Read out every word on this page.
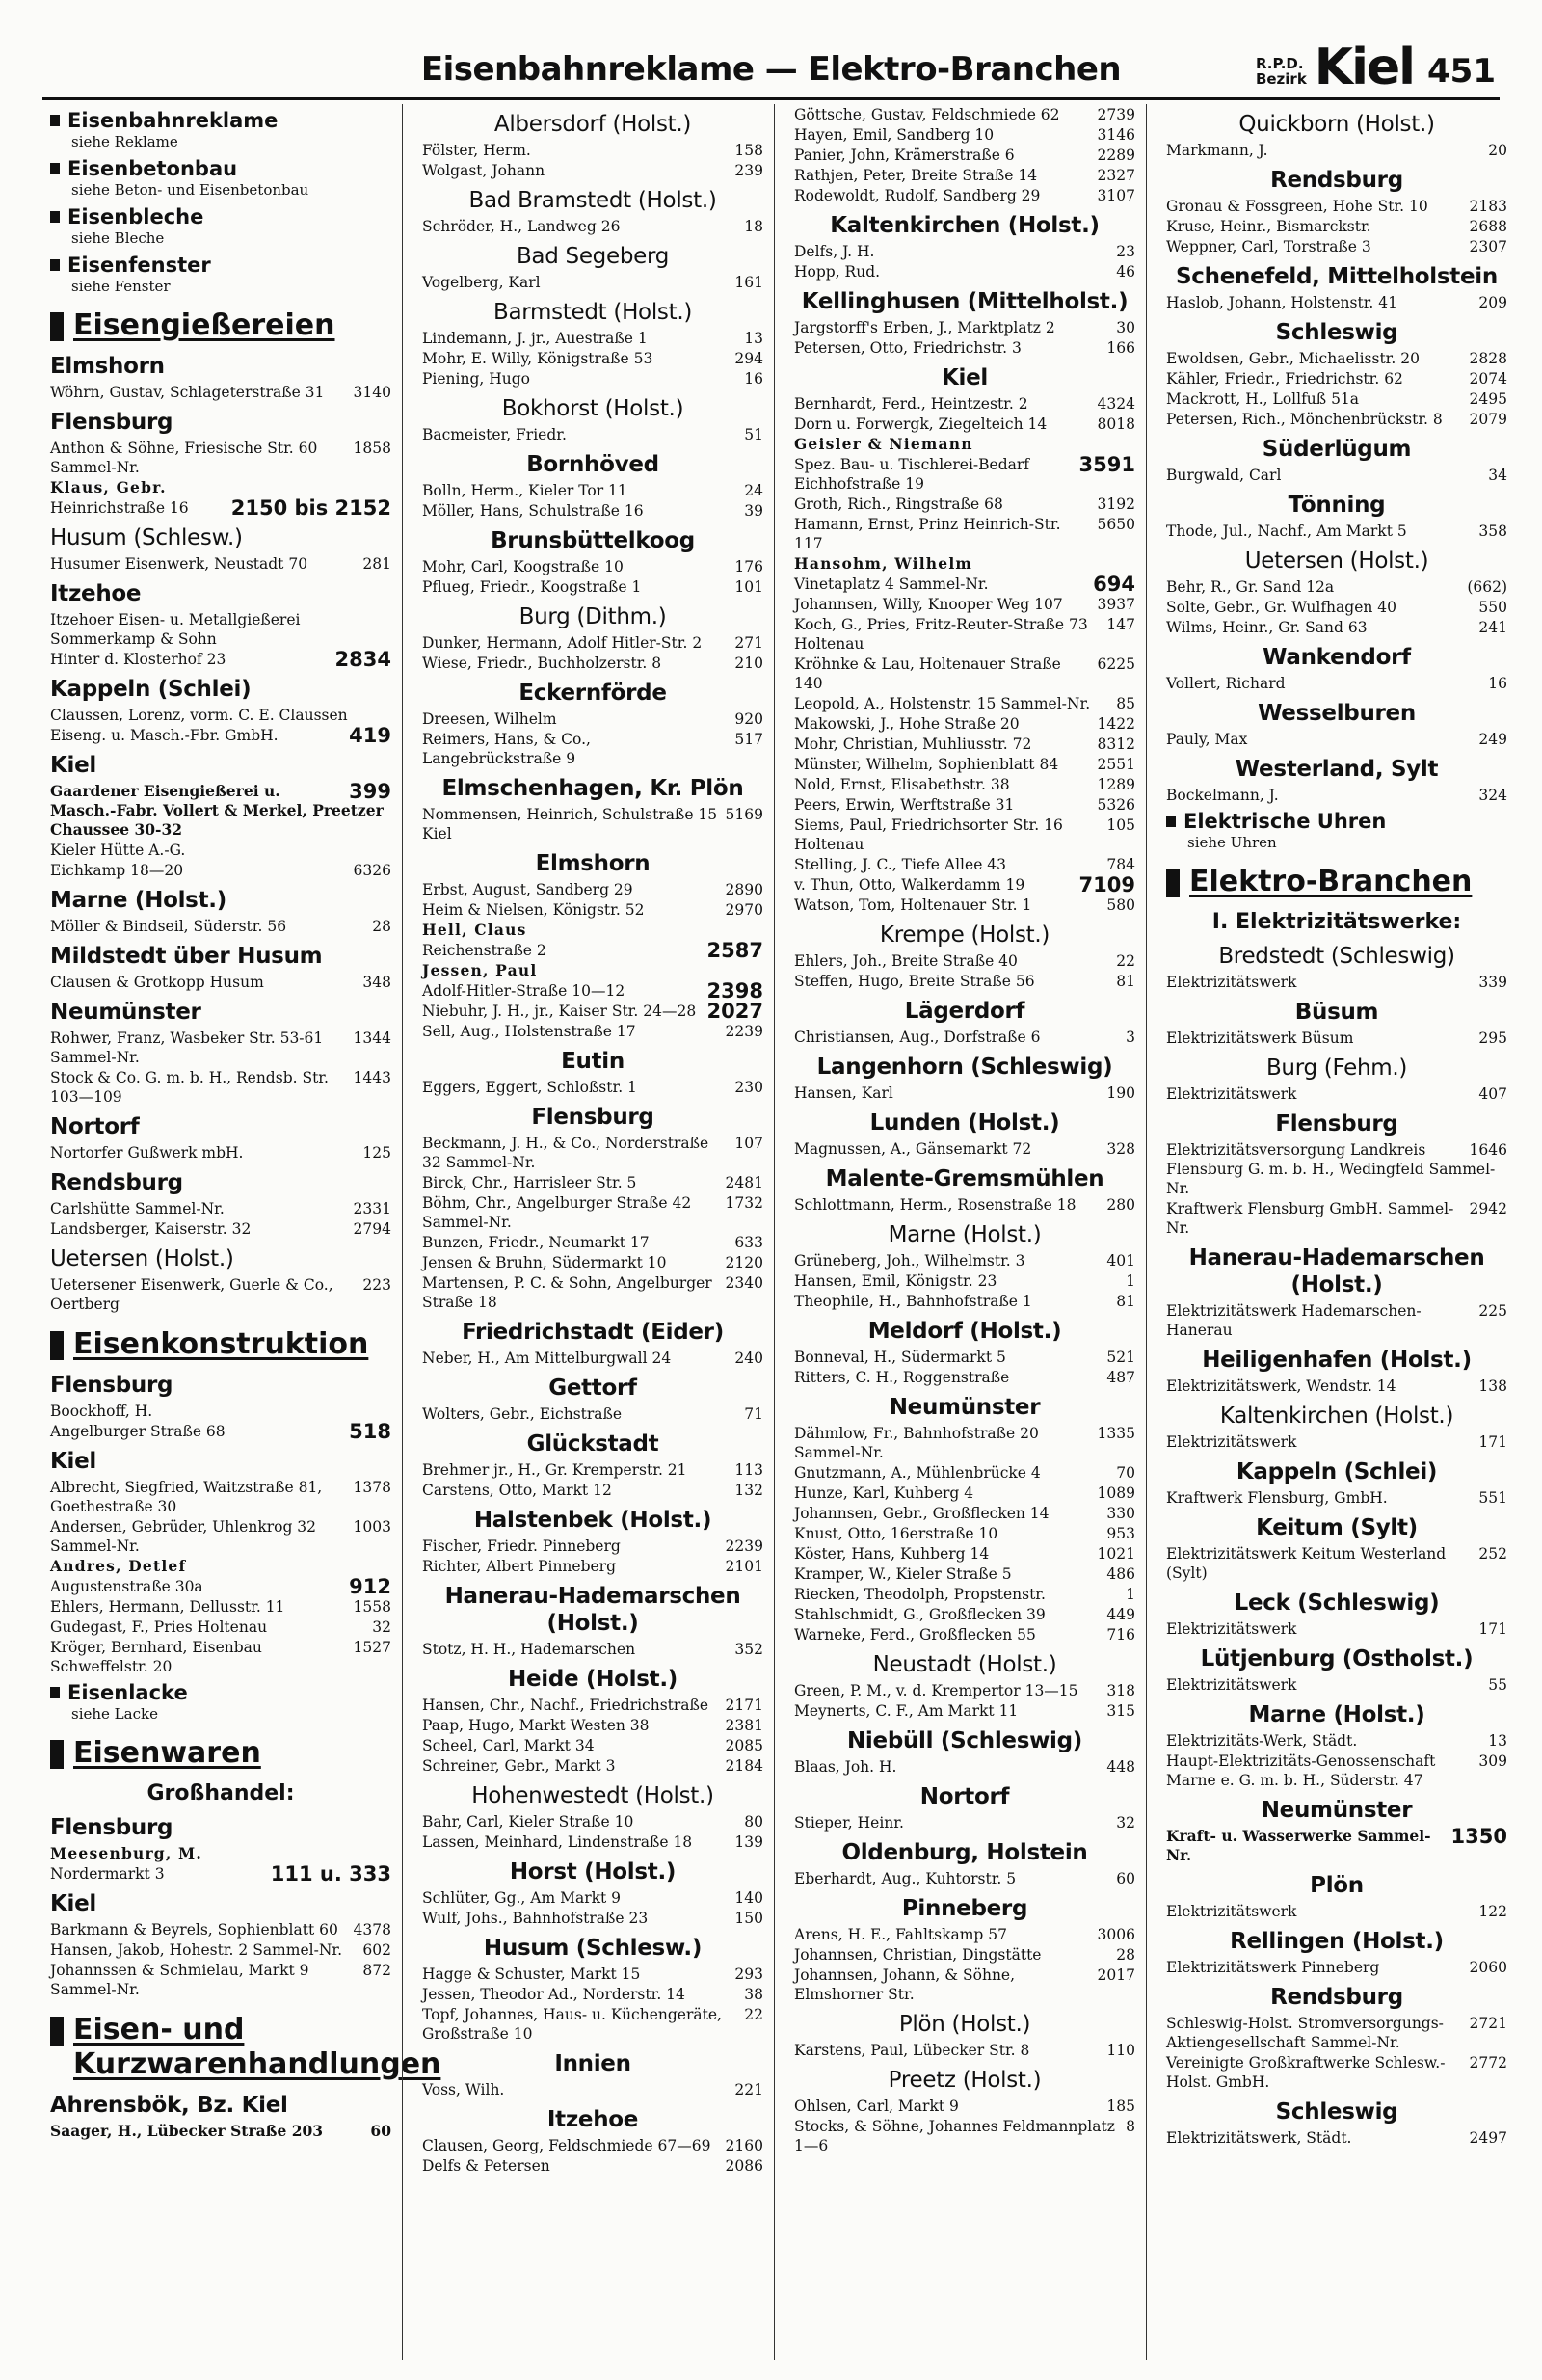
Eisenbahnreklame — Elektro-Branchen	R.P.D.
Bezirk Kiel 451
Eisenbahnreklame
siehe Reklame
Eisenbetonbau
siehe Beton- und Eisenbetonbau
Eisenbleche
siehe Bleche
Eisenfenster
siehe Fenster
Eisengießereien
Elmshorn
3140
Wöhrn, Gustav, Schlageterstraße 31
Flensburg
1858
Anthon & Söhne, Friesische Str. 60 Sammel-Nr.
Klaus, Gebr.
2150 bis 2152
Heinrichstraße 16
Husum (Schlesw.)
281
Husumer Eisenwerk, Neustadt 70
Itzehoe
Itzehoer Eisen- u. Metallgießerei Sommerkamp & Sohn
2834
Hinter d. Klosterhof 23
Kappeln (Schlei)
Claussen, Lorenz, vorm. C. E. Claussen
419
Eiseng. u. Masch.-Fbr. GmbH.
Kiel
399
Gaardener Eisengießerei u. Masch.-Fabr. Vollert & Merkel, Preetzer Chaussee 30-32
Kieler Hütte A.-G.
6326
Eichkamp 18—20
Marne (Holst.)
28
Möller & Bindseil, Süderstr. 56
Mildstedt über Husum
348
Clausen & Grotkopp Husum
Neumünster
1344
Rohwer, Franz, Wasbeker Str. 53-61 Sammel-Nr.
1443
Stock & Co. G. m. b. H., Rendsb. Str. 103—109
Nortorf
125
Nortorfer Gußwerk mbH.
Rendsburg
2331
Carlshütte Sammel-Nr.
2794
Landsberger, Kaiserstr. 32
Uetersen (Holst.)
223
Uetersener Eisenwerk, Guerle & Co., Oertberg
Eisenkonstruktion
Flensburg
Boockhoff, H.
518
Angelburger Straße 68
Kiel
1378
Albrecht, Siegfried, Waitzstraße 81, Goethestraße 30
1003
Andersen, Gebrüder, Uhlenkrog 32 Sammel-Nr.
Andres, Detlef
912
Augustenstraße 30a
1558
Ehlers, Hermann, Dellusstr. 11
32
Gudegast, F., Pries Holtenau
1527
Kröger, Bernhard, Eisenbau Schweffelstr. 20
Eisenlacke
siehe Lacke
Eisenwaren
Großhandel:
Flensburg
Meesenburg, M.
111 u. 333
Nordermarkt 3
Kiel
4378
Barkmann & Beyrels, Sophienblatt 60
602
Hansen, Jakob, Hohestr. 2 Sammel-Nr.
872
Johannssen & Schmielau, Markt 9 Sammel-Nr.
Eisen- und Kurzwarenhandlungen
Ahrensbök, Bz. Kiel
60
Saager, H., Lübecker Straße 203
Albersdorf (Holst.)
158
Fölster, Herm.
239
Wolgast, Johann
Bad Bramstedt (Holst.)
18
Schröder, H., Landweg 26
Bad Segeberg
161
Vogelberg, Karl
Barmstedt (Holst.)
13
Lindemann, J. jr., Auestraße 1
294
Mohr, E. Willy, Königstraße 53
16
Piening, Hugo
Bokhorst (Holst.)
51
Bacmeister, Friedr.
Bornhöved
24
Bolln, Herm., Kieler Tor 11
39
Möller, Hans, Schulstraße 16
Brunsbüttelkoog
176
Mohr, Carl, Koogstraße 10
101
Pflueg, Friedr., Koogstraße 1
Burg (Dithm.)
271
Dunker, Hermann, Adolf Hitler-Str. 2
210
Wiese, Friedr., Buchholzerstr. 8
Eckernförde
920
Dreesen, Wilhelm
517
Reimers, Hans, & Co., Langebrückstraße 9
Elmschenhagen, Kr. Plön
5169
Nommensen, Heinrich, Schulstraße 15 Kiel
Elmshorn
2890
Erbst, August, Sandberg 29
2970
Heim & Nielsen, Königstr. 52
Hell, Claus
2587
Reichenstraße 2
Jessen, Paul
2398
Adolf-Hitler-Straße 10—12
2027
Niebuhr, J. H., jr., Kaiser Str. 24—28
2239
Sell, Aug., Holstenstraße 17
Eutin
230
Eggers, Eggert, Schloßstr. 1
Flensburg
107
Beckmann, J. H., & Co., Norderstraße 32 Sammel-Nr.
2481
Birck, Chr., Harrisleer Str. 5
1732
Böhm, Chr., Angelburger Straße 42 Sammel-Nr.
633
Bunzen, Friedr., Neumarkt 17
2120
Jensen & Bruhn, Südermarkt 10
2340
Martensen, P. C. & Sohn, Angelburger Straße 18
Friedrichstadt (Eider)
240
Neber, H., Am Mittelburgwall 24
Gettorf
71
Wolters, Gebr., Eichstraße
Glückstadt
113
Brehmer jr., H., Gr. Kremperstr. 21
132
Carstens, Otto, Markt 12
Halstenbek (Holst.)
2239
Fischer, Friedr. Pinneberg
2101
Richter, Albert Pinneberg
Hanerau-Hademarschen (Holst.)
352
Stotz, H. H., Hademarschen
Heide (Holst.)
2171
Hansen, Chr., Nachf., Friedrichstraße
2381
Paap, Hugo, Markt Westen 38
2085
Scheel, Carl, Markt 34
2184
Schreiner, Gebr., Markt 3
Hohenwestedt (Holst.)
80
Bahr, Carl, Kieler Straße 10
139
Lassen, Meinhard, Lindenstraße 18
Horst (Holst.)
140
Schlüter, Gg., Am Markt 9
150
Wulf, Johs., Bahnhofstraße 23
Husum (Schlesw.)
293
Hagge & Schuster, Markt 15
38
Jessen, Theodor Ad., Norderstr. 14
22
Topf, Johannes, Haus- u. Küchengeräte, Großstraße 10
Innien
221
Voss, Wilh.
Itzehoe
2160
Clausen, Georg, Feldschmiede 67—69
2086
Delfs & Petersen
2739
Göttsche, Gustav, Feldschmiede 62
3146
Hayen, Emil, Sandberg 10
2289
Panier, John, Krämerstraße 6
2327
Rathjen, Peter, Breite Straße 14
3107
Rodewoldt, Rudolf, Sandberg 29
Kaltenkirchen (Holst.)
23
Delfs, J. H.
46
Hopp, Rud.
Kellinghusen (Mittelholst.)
30
Jargstorff's Erben, J., Marktplatz 2
166
Petersen, Otto, Friedrichstr. 3
Kiel
4324
Bernhardt, Ferd., Heintzestr. 2
8018
Dorn u. Forwergk, Ziegelteich 14
Geisler & Niemann
3591
Spez. Bau- u. Tischlerei-Bedarf Eichhofstraße 19
3192
Groth, Rich., Ringstraße 68
5650
Hamann, Ernst, Prinz Heinrich-Str. 117
Hansohm, Wilhelm
694
Vinetaplatz 4 Sammel-Nr.
3937
Johannsen, Willy, Knooper Weg 107
147
Koch, G., Pries, Fritz-Reuter-Straße 73 Holtenau
6225
Kröhnke & Lau, Holtenauer Straße 140
85
Leopold, A., Holstenstr. 15 Sammel-Nr.
1422
Makowski, J., Hohe Straße 20
8312
Mohr, Christian, Muhliusstr. 72
2551
Münster, Wilhelm, Sophienblatt 84
1289
Nold, Ernst, Elisabethstr. 38
5326
Peers, Erwin, Werftstraße 31
105
Siems, Paul, Friedrichsorter Str. 16 Holtenau
784
Stelling, J. C., Tiefe Allee 43
7109
v. Thun, Otto, Walkerdamm 19
580
Watson, Tom, Holtenauer Str. 1
Krempe (Holst.)
22
Ehlers, Joh., Breite Straße 40
81
Steffen, Hugo, Breite Straße 56
Lägerdorf
3
Christiansen, Aug., Dorfstraße 6
Langenhorn (Schleswig)
190
Hansen, Karl
Lunden (Holst.)
328
Magnussen, A., Gänsemarkt 72
Malente-Gremsmühlen
280
Schlottmann, Herm., Rosenstraße 18
Marne (Holst.)
401
Grüneberg, Joh., Wilhelmstr. 3
1
Hansen, Emil, Königstr. 23
81
Theophile, H., Bahnhofstraße 1
Meldorf (Holst.)
521
Bonneval, H., Südermarkt 5
487
Ritters, C. H., Roggenstraße
Neumünster
1335
Dähmlow, Fr., Bahnhofstraße 20 Sammel-Nr.
70
Gnutzmann, A., Mühlenbrücke 4
1089
Hunze, Karl, Kuhberg 4
330
Johannsen, Gebr., Großflecken 14
953
Knust, Otto, 16erstraße 10
1021
Köster, Hans, Kuhberg 14
486
Kramper, W., Kieler Straße 5
1
Riecken, Theodolph, Propstenstr.
449
Stahlschmidt, G., Großflecken 39
716
Warneke, Ferd., Großflecken 55
Neustadt (Holst.)
318
Green, P. M., v. d. Krempertor 13—15
315
Meynerts, C. F., Am Markt 11
Niebüll (Schleswig)
448
Blaas, Joh. H.
Nortorf
32
Stieper, Heinr.
Oldenburg, Holstein
60
Eberhardt, Aug., Kuhtorstr. 5
Pinneberg
3006
Arens, H. E., Fahltskamp 57
28
Johannsen, Christian, Dingstätte
2017
Johannsen, Johann, & Söhne, Elmshorner Str.
Plön (Holst.)
110
Karstens, Paul, Lübecker Str. 8
Preetz (Holst.)
185
Ohlsen, Carl, Markt 9
8
Stocks, & Söhne, Johannes Feldmannplatz 1—6
Quickborn (Holst.)
20
Markmann, J.
Rendsburg
2183
Gronau & Fossgreen, Hohe Str. 10
2688
Kruse, Heinr., Bismarckstr.
2307
Weppner, Carl, Torstraße 3
Schenefeld, Mittelholstein
209
Haslob, Johann, Holstenstr. 41
Schleswig
2828
Ewoldsen, Gebr., Michaelisstr. 20
2074
Kähler, Friedr., Friedrichstr. 62
2495
Mackrott, H., Lollfuß 51a
2079
Petersen, Rich., Mönchenbrückstr. 8
Süderlügum
34
Burgwald, Carl
Tönning
358
Thode, Jul., Nachf., Am Markt 5
Uetersen (Holst.)
(662)
Behr, R., Gr. Sand 12a
550
Solte, Gebr., Gr. Wulfhagen 40
241
Wilms, Heinr., Gr. Sand 63
Wankendorf
16
Vollert, Richard
Wesselburen
249
Pauly, Max
Westerland, Sylt
324
Bockelmann, J.
Elektrische Uhren
siehe Uhren
Elektro-Branchen
I. Elektrizitätswerke:
Bredstedt (Schleswig)
339
Elektrizitätswerk
Büsum
295
Elektrizitätswerk Büsum
Burg (Fehm.)
407
Elektrizitätswerk
Flensburg
1646
Elektrizitätsversorgung Landkreis Flensburg G. m. b. H., Wedingfeld Sammel-Nr.
2942
Kraftwerk Flensburg GmbH. Sammel-Nr.
Hanerau-Hademarschen (Holst.)
225
Elektrizitätswerk Hademarschen-Hanerau
Heiligenhafen (Holst.)
138
Elektrizitätswerk, Wendstr. 14
Kaltenkirchen (Holst.)
171
Elektrizitätswerk
Kappeln (Schlei)
551
Kraftwerk Flensburg, GmbH.
Keitum (Sylt)
252
Elektrizitätswerk Keitum Westerland (Sylt)
Leck (Schleswig)
171
Elektrizitätswerk
Lütjenburg (Ostholst.)
55
Elektrizitätswerk
Marne (Holst.)
13
Elektrizitäts-Werk, Städt.
309
Haupt-Elektrizitäts-Genossenschaft Marne e. G. m. b. H., Süderstr. 47
Neumünster
1350
Kraft- u. Wasserwerke Sammel-Nr.
Plön
122
Elektrizitätswerk
Rellingen (Holst.)
2060
Elektrizitätswerk Pinneberg
Rendsburg
2721
Schleswig-Holst. Stromversorgungs-Aktiengesellschaft Sammel-Nr.
2772
Vereinigte Großkraftwerke Schlesw.-Holst. GmbH.
Schleswig
2497
Elektrizitätswerk, Städt.
